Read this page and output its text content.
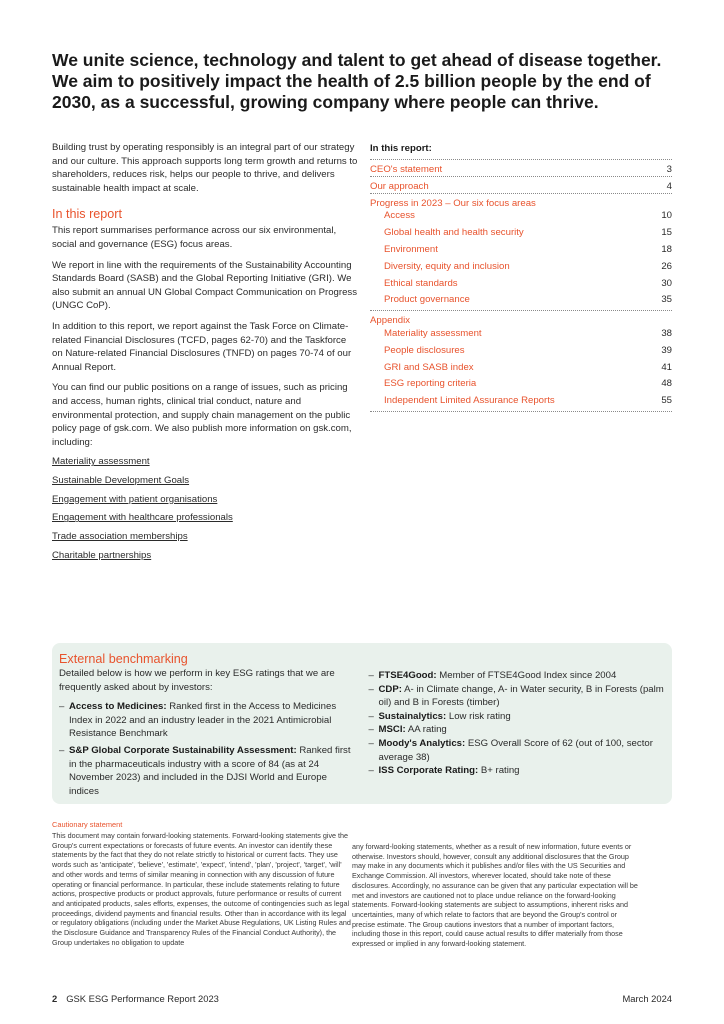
We unite science, technology and talent to get ahead of disease together.
We aim to positively impact the health of 2.5 billion people by the end of
2030, as a successful, growing company where people can thrive.

Building trust by operating responsibly is an integral part of our strategy and our culture. This approach supports long term growth and returns to shareholders, reduces risk, helps our people to thrive, and delivers sustainable health impact at scale.

In this report

This report summarises performance across our six environmental, social and governance (ESG) focus areas.

We report in line with the requirements of the Sustainability Accounting Standards Board (SASB) and the Global Reporting Initiative (GRI). We also submit an annual UN Global Compact Communication on Progress (UNGC CoP).

In addition to this report, we report against the Task Force on Climate-related Financial Disclosures (TCFD, pages 62-70) and the Taskforce on Nature-related Financial Disclosures (TNFD) on pages 70-74 of our Annual Report.

You can find our public positions on a range of issues, such as pricing and access, human rights, clinical trial conduct, nature and environmental protection, and supply chain management on the public policy page of gsk.com. We also publish more information on gsk.com, including:

Materiality assessment
Sustainable Development Goals
Engagement with patient organisations
Engagement with healthcare professionals
Trade association memberships
Charitable partnerships
In this report:
CEO's statement	3
Our approach	4
Progress in 2023 – Our six focus areas
Access	10
Global health and health security	15
Environment	18
Diversity, equity and inclusion	26
Ethical standards	30
Product governance	35
Appendix
Materiality assessment	38
People disclosures	39
GRI and SASB index	41
ESG reporting criteria	48
Independent Limited Assurance Reports	55
External benchmarking

Detailed below is how we perform in key ESG ratings that we are frequently asked about by investors:

– Access to Medicines: Ranked first in the Access to Medicines Index in 2022 and an industry leader in the 2021 Antimicrobial Resistance Benchmark
– S&P Global Corporate Sustainability Assessment: Ranked first in the pharmaceuticals industry with a score of 84 (as at 24 November 2023) and included in the DJSI World and Europe indices
– FTSE4Good: Member of FTSE4Good Index since 2004
– CDP: A- in Climate change, A- in Water security, B in Forests (palm oil) and B in Forests (timber)
– Sustainalytics: Low risk rating
– MSCI: AA rating
– Moody's Analytics: ESG Overall Score of 62 (out of 100, sector average 38)
– ISS Corporate Rating: B+ rating
Cautionary statement

This document may contain forward-looking statements. Forward-looking statements give the Group's current expectations or forecasts of future events. An investor can identify these statements by the fact that they do not relate strictly to historical or current facts. They use words such as 'anticipate', 'believe', 'estimate', 'expect', 'intend', 'plan', 'project', 'target', 'will' and other words and terms of similar meaning in connection with any discussion of future operating or financial performance. In particular, these include statements relating to future actions, prospective products or product approvals, future performance or results of current and anticipated products, sales efforts, expenses, the outcome of contingencies such as legal proceedings, dividend payments and financial results. Other than in accordance with its legal or regulatory obligations (including under the Market Abuse Regulations, UK Listing Rules and the Disclosure Guidance and Transparency Rules of the Financial Conduct Authority), the Group undertakes no obligation to update

any forward-looking statements, whether as a result of new information, future events or otherwise. Investors should, however, consult any additional disclosures that the Group may make in any documents which it publishes and/or files with the US Securities and Exchange Commission. All investors, wherever located, should take note of these disclosures. Accordingly, no assurance can be given that any particular expectation will be met and investors are cautioned not to place undue reliance on the forward-looking statements. Forward-looking statements are subject to assumptions, inherent risks and uncertainties, many of which relate to factors that are beyond the Group's control or precise estimate. The Group cautions investors that a number of important factors, including those in this report, could cause actual results to differ materially from those expressed or implied in any forward-looking statement.

2 GSK ESG Performance Report 2023	March 2024
